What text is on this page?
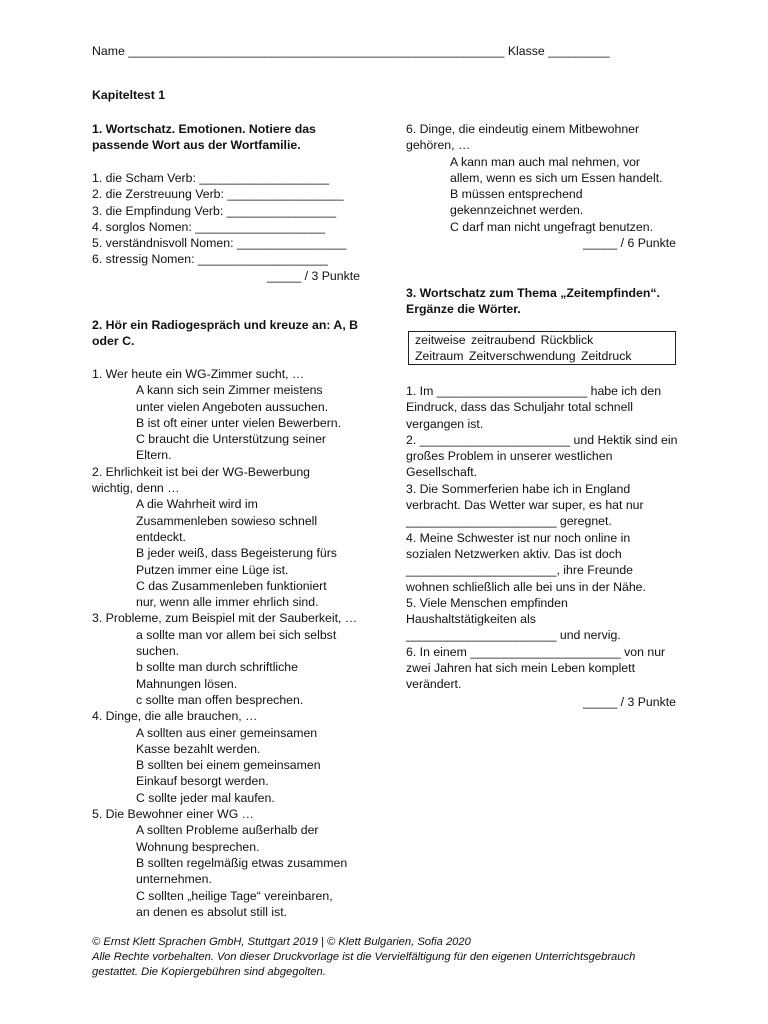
Name _______________________________________________________ Klasse _________
Kapiteltest 1
1. Wortschatz. Emotionen. Notiere das
passende Wort aus der Wortfamilie.
1. die Scham Verb: ___________________
2. die Zerstreuung Verb: _________________
3. die Empfindung Verb: ________________
4. sorglos Nomen: ___________________
5. verständnisvoll Nomen: ________________
6. stressig Nomen: ___________________
_____ / 3 Punkte
2. Hör ein Radiogespräch und kreuze an: A, B
oder C.
1. Wer heute ein WG-Zimmer sucht, …
A kann sich sein Zimmer meistens
unter vielen Angeboten aussuchen.
B ist oft einer unter vielen Bewerbern.
C braucht die Unterstützung seiner
Eltern.
2. Ehrlichkeit ist bei der WG-Bewerbung
wichtig, denn …
A die Wahrheit wird im
Zusammenleben sowieso schnell
entdeckt.
B jeder weiß, dass Begeisterung fürs
Putzen immer eine Lüge ist.
C das Zusammenleben funktioniert
nur, wenn alle immer ehrlich sind.
3. Probleme, zum Beispiel mit der Sauberkeit, …
a sollte man vor allem bei sich selbst
suchen.
b sollte man durch schriftliche
Mahnungen lösen.
c sollte man offen besprechen.
4. Dinge, die alle brauchen, …
A sollten aus einer gemeinsamen
Kasse bezahlt werden.
B sollten bei einem gemeinsamen
Einkauf besorgt werden.
C sollte jeder mal kaufen.
5. Die Bewohner einer WG …
A sollten Probleme außerhalb der
Wohnung besprechen.
B sollten regelmäßig etwas zusammen
unternehmen.
C sollten „heilige Tage“ vereinbaren,
an denen es absolut still ist.
6. Dinge, die eindeutig einem Mitbewohner
gehören, …
A kann man auch mal nehmen, vor
allem, wenn es sich um Essen handelt.
B müssen entsprechend
gekennzeichnet werden.
C darf man nicht ungefragt benutzen.
_____ / 6 Punkte
3. Wortschatz zum Thema „Zeitempfinden“.
Ergänze die Wörter.
zeitweise zeitraubend Rückblick
Zeitraum Zeitverschwendung Zeitdruck
1. Im ______________________ habe ich den
Eindruck, dass das Schuljahr total schnell
vergangen ist.
2. ______________________ und Hektik sind ein
großes Problem in unserer westlichen
Gesellschaft.
3. Die Sommerferien habe ich in England
verbracht. Das Wetter war super, es hat nur
______________________ geregnet.
4. Meine Schwester ist nur noch online in
sozialen Netzwerken aktiv. Das ist doch
______________________, ihre Freunde
wohnen schließlich alle bei uns in der Nähe.
5. Viele Menschen empfinden
Haushaltstätigkeiten als
______________________ und nervig.
6. In einem ______________________ von nur
zwei Jahren hat sich mein Leben komplett
verändert.
_____ / 3 Punkte
© Ernst Klett Sprachen GmbH, Stuttgart 2019 | © Klett Bulgarien, Sofia 2020
Alle Rechte vorbehalten. Von dieser Druckvorlage ist die Vervielfältigung für den eigenen Unterrichtsgebrauch
gestattet. Die Kopiergebühren sind abgegolten.
